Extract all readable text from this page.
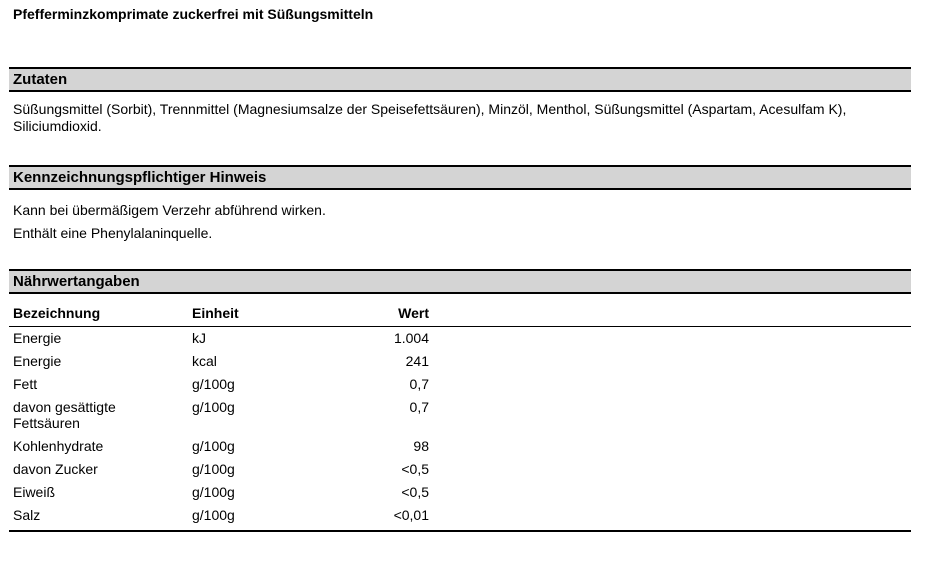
Pfefferminzkomprimate zuckerfrei mit Süßungsmitteln
Zutaten
Süßungsmittel (Sorbit), Trennmittel (Magnesiumsalze der Speisefettsäuren), Minzöl, Menthol, Süßungsmittel (Aspartam, Acesulfam K), Siliciumdioxid.
Kennzeichnungspflichtiger Hinweis
Kann bei übermäßigem Verzehr abführend wirken.
Enthält eine Phenylalaninquelle.
Nährwertangaben
Bezeichnung	Einheit	Wert	
Energie	kJ	1.004	
Energie	kcal	241	
Fett	g/100g	0,7	
davon gesättigte Fettsäuren	g/100g	0,7	
Kohlenhydrate	g/100g	98	
davon Zucker	g/100g	<0,5	
Eiweiß	g/100g	<0,5	
Salz	g/100g	<0,01	
